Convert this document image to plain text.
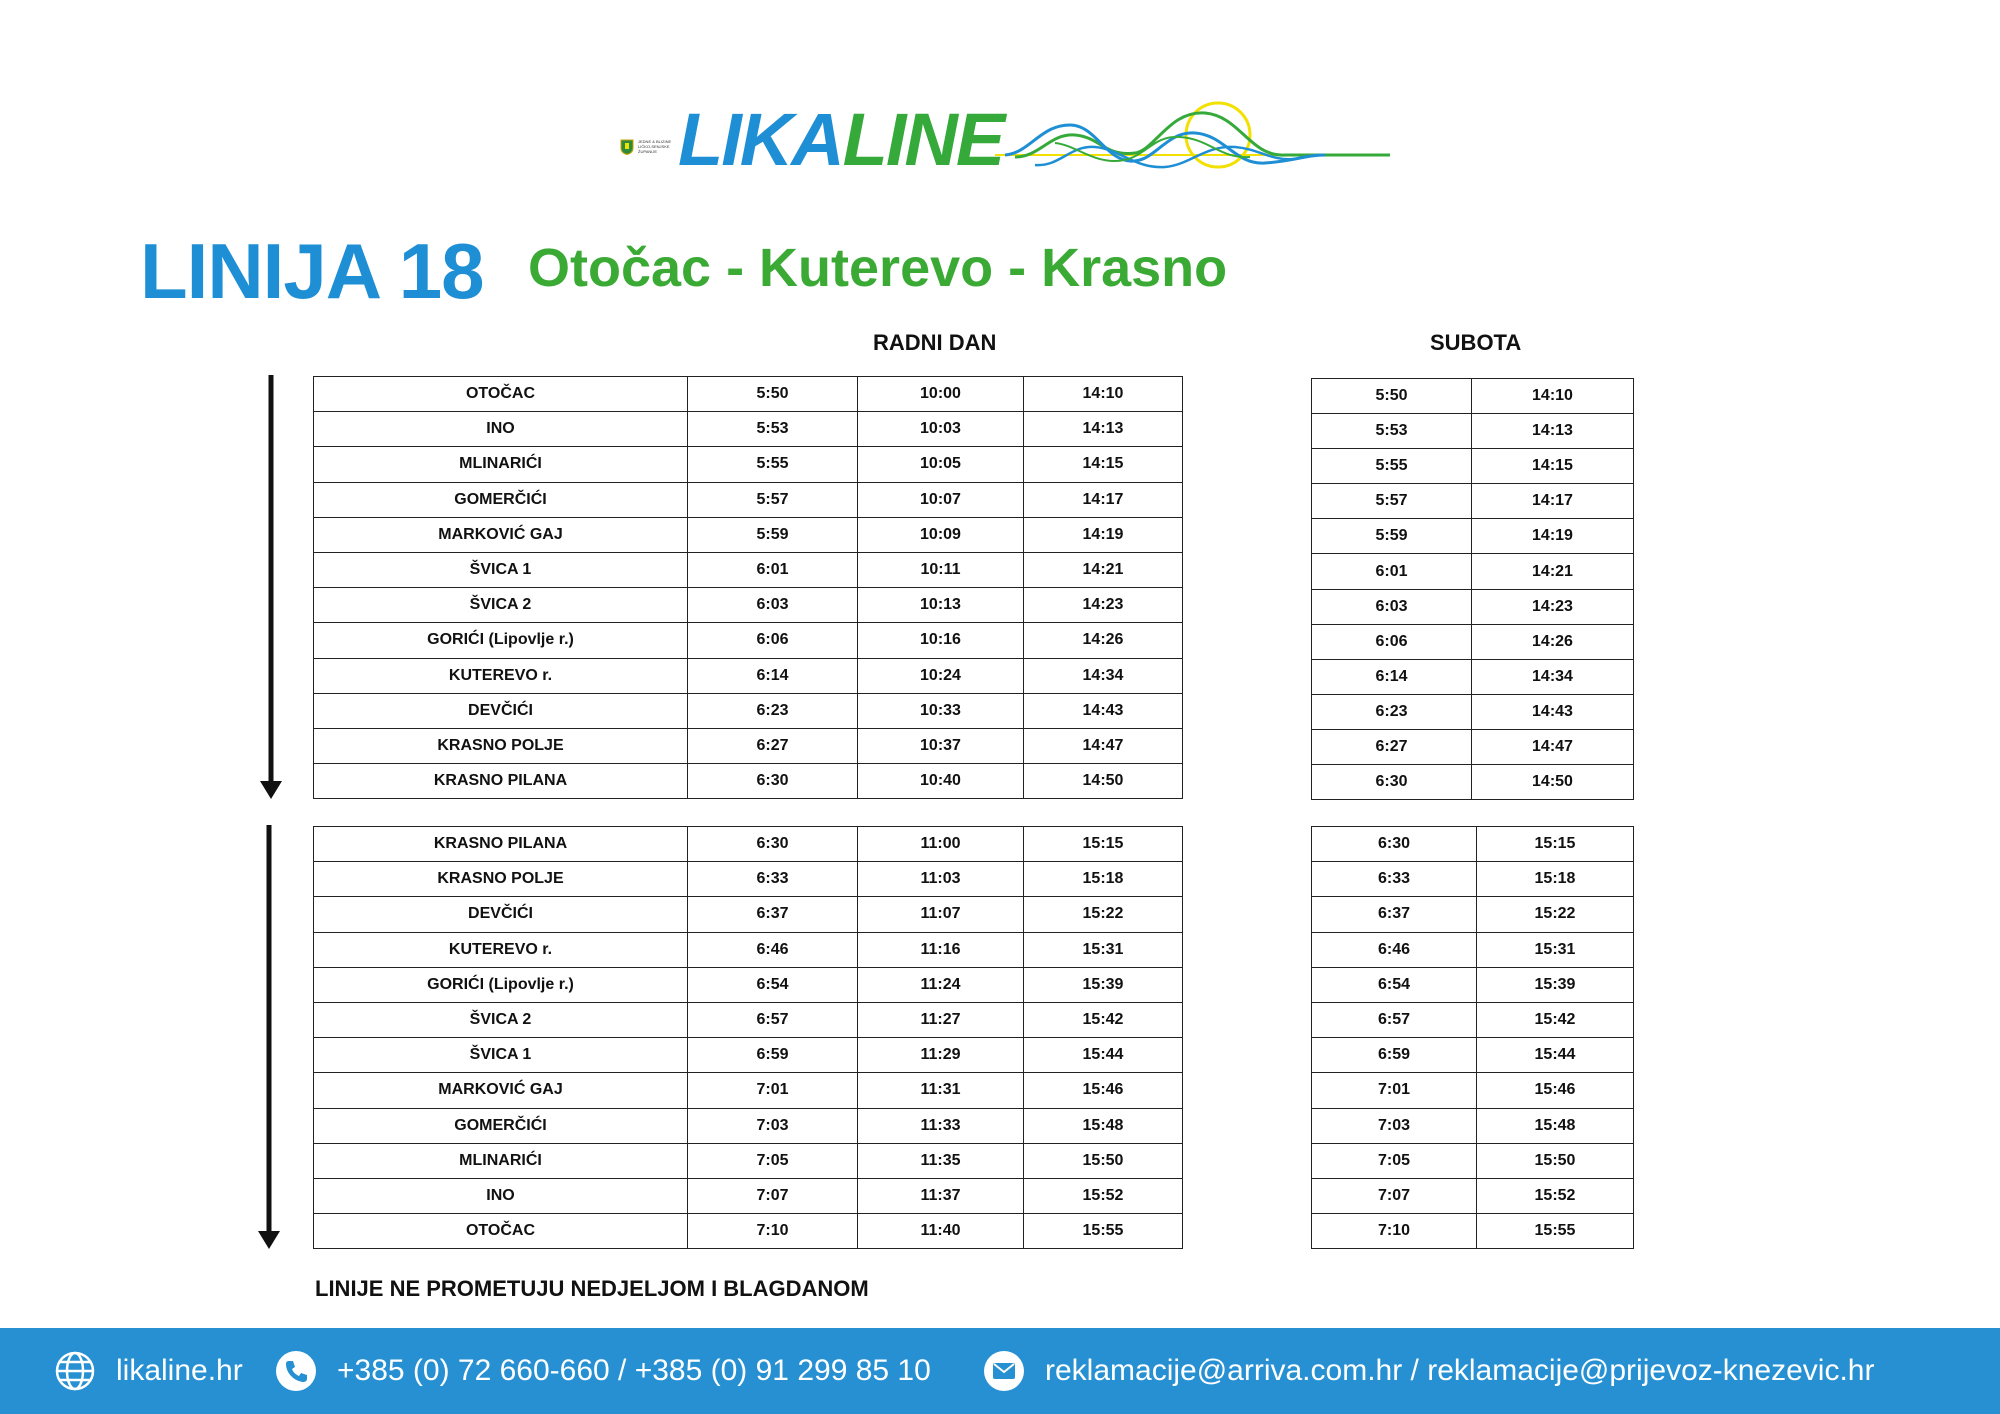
JEDNE & BLIZINE LIČKO-SENJSKE ŽUPANIJE LIKALINE
LINIJA 18 Otočac - Kuterevo - Krasno
RADNI DAN	SUBOTA
OTOČAC	5:50	10:00	14:10
INO	5:53	10:03	14:13
MLINARIĆI	5:55	10:05	14:15
GOMERČIĆI	5:57	10:07	14:17
MARKOVIĆ GAJ	5:59	10:09	14:19
ŠVICA 1	6:01	10:11	14:21
ŠVICA 2	6:03	10:13	14:23
GORIĆI (Lipovlje r.)	6:06	10:16	14:26
KUTEREVO r.	6:14	10:24	14:34
DEVČIĆI	6:23	10:33	14:43
KRASNO POLJE	6:27	10:37	14:47
KRASNO PILANA	6:30	10:40	14:50
5:50	14:10
5:53	14:13
5:55	14:15
5:57	14:17
5:59	14:19
6:01	14:21
6:03	14:23
6:06	14:26
6:14	14:34
6:23	14:43
6:27	14:47
6:30	14:50
KRASNO PILANA	6:30	11:00	15:15
KRASNO POLJE	6:33	11:03	15:18
DEVČIĆI	6:37	11:07	15:22
KUTEREVO r.	6:46	11:16	15:31
GORIĆI (Lipovlje r.)	6:54	11:24	15:39
ŠVICA 2	6:57	11:27	15:42
ŠVICA 1	6:59	11:29	15:44
MARKOVIĆ GAJ	7:01	11:31	15:46
GOMERČIĆI	7:03	11:33	15:48
MLINARIĆI	7:05	11:35	15:50
INO	7:07	11:37	15:52
OTOČAC	7:10	11:40	15:55
6:30	15:15
6:33	15:18
6:37	15:22
6:46	15:31
6:54	15:39
6:57	15:42
6:59	15:44
7:01	15:46
7:03	15:48
7:05	15:50
7:07	15:52
7:10	15:55
LINIJE NE PROMETUJU NEDJELJOM I BLAGDANOM
likaline.hr	+385 (0) 72 660-660 / +385 (0) 91 299 85 10	reklamacije@arriva.com.hr / reklamacije@prijevoz-knezevic.hr
